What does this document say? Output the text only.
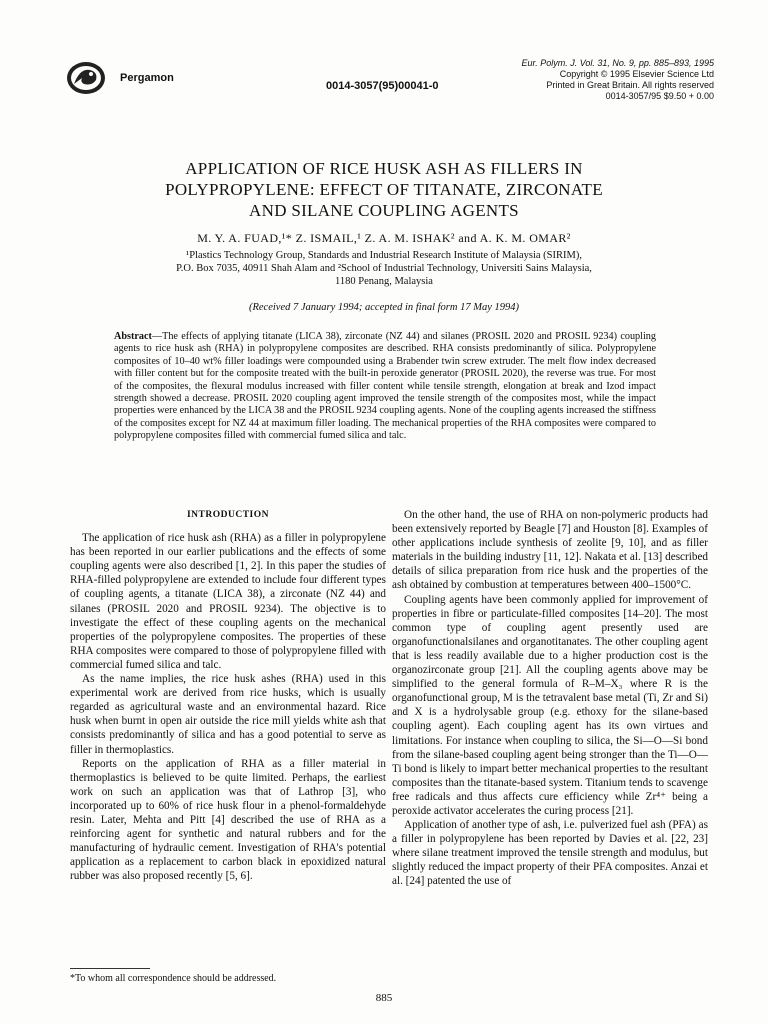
Pergamon
0014-3057(95)00041-0
Eur. Polym. J. Vol. 31, No. 9, pp. 885–893, 1995
Copyright © 1995 Elsevier Science Ltd
Printed in Great Britain. All rights reserved
0014-3057/95 $9.50 + 0.00
APPLICATION OF RICE HUSK ASH AS FILLERS IN
POLYPROPYLENE: EFFECT OF TITANATE, ZIRCONATE
AND SILANE COUPLING AGENTS
M. Y. A. FUAD,¹* Z. ISMAIL,¹ Z. A. M. ISHAK² and A. K. M. OMAR²
¹Plastics Technology Group, Standards and Industrial Research Institute of Malaysia (SIRIM),
P.O. Box 7035, 40911 Shah Alam and ²School of Industrial Technology, Universiti Sains Malaysia,
1180 Penang, Malaysia
(Received 7 January 1994; accepted in final form 17 May 1994)
Abstract—The effects of applying titanate (LICA 38), zirconate (NZ 44) and silanes (PROSIL 2020 and PROSIL 9234) coupling agents to rice husk ash (RHA) in polypropylene composites are described. RHA consists predominantly of silica. Polypropylene composites of 10–40 wt% filler loadings were compounded using a Brabender twin screw extruder. The melt flow index decreased with filler content but for the composite treated with the built-in peroxide generator (PROSIL 2020), the reverse was true. For most of the composites, the flexural modulus increased with filler content while tensile strength, elongation at break and Izod impact strength showed a decrease. PROSIL 2020 coupling agent improved the tensile strength of the composites most, while the impact properties were enhanced by the LICA 38 and the PROSIL 9234 coupling agents. None of the coupling agents increased the stiffness of the composites except for NZ 44 at maximum filler loading. The mechanical properties of the RHA composites were compared to polypropylene composites filled with commercial fumed silica and talc.

INTRODUCTION

The application of rice husk ash (RHA) as a filler in polypropylene has been reported in our earlier publications and the effects of some coupling agents were also described [1, 2]. In this paper the studies of RHA-filled polypropylene are extended to include four different types of coupling agents, a titanate (LICA 38), a zirconate (NZ 44) and silanes (PROSIL 2020 and PROSIL 9234). The objective is to investigate the effect of these coupling agents on the mechanical properties of the polypropylene composites. The properties of these RHA composites were compared to those of polypropylene filled with commercial fumed silica and talc.

As the name implies, the rice husk ashes (RHA) used in this experimental work are derived from rice husks, which is usually regarded as agricultural waste and an environmental hazard. Rice husk when burnt in open air outside the rice mill yields white ash that consists predominantly of silica and has a good potential to serve as filler in thermoplastics.

Reports on the application of RHA as a filler material in thermoplastics is believed to be quite limited. Perhaps, the earliest work on such an application was that of Lathrop [3], who incorporated up to 60% of rice husk flour in a phenol-formaldehyde resin. Later, Mehta and Pitt [4] described the use of RHA as a reinforcing agent for synthetic and natural rubbers and for the manufacturing of hydraulic cement. Investigation of RHA's potential application as a replacement to carbon black in epoxidized natural rubber was also proposed recently [5, 6].

On the other hand, the use of RHA on non-polymeric products had been extensively reported by Beagle [7] and Houston [8]. Examples of other applications include synthesis of zeolite [9, 10], and as filler materials in the building industry [11, 12]. Nakata et al. [13] described details of silica preparation from rice husk and the properties of the ash obtained by combustion at temperatures between 400–1500°C.

Coupling agents have been commonly applied for improvement of properties in fibre or particulate-filled composites [14–20]. The most common type of coupling agent presently used are organofunctionalsilanes and organotitanates. The other coupling agent that is less readily available due to a higher production cost is the organozirconate group [21]. All the coupling agents above may be simplified to the general formula of R–M–X₃ where R is the organofunctional group, M is the tetravalent base metal (Ti, Zr and Si) and X is a hydrolysable group (e.g. ethoxy for the silane-based coupling agent). Each coupling agent has its own virtues and limitations. For instance when coupling to silica, the Si—O—Si bond from the silane-based coupling agent being stronger than the Ti—O—Ti bond is likely to impart better mechanical properties to the resultant composites than the titanate-based system. Titanium tends to scavenge free radicals and thus affects cure efficiency while Zr⁴⁺ being a peroxide activator accelerates the curing process [21].

Application of another type of ash, i.e. pulverized fuel ash (PFA) as a filler in polypropylene has been reported by Davies et al. [22, 23] where silane treatment improved the tensile strength and modulus, but slightly reduced the impact property of their PFA composites. Anzai et al. [24] patented the use of

*To whom all correspondence should be addressed.
885
